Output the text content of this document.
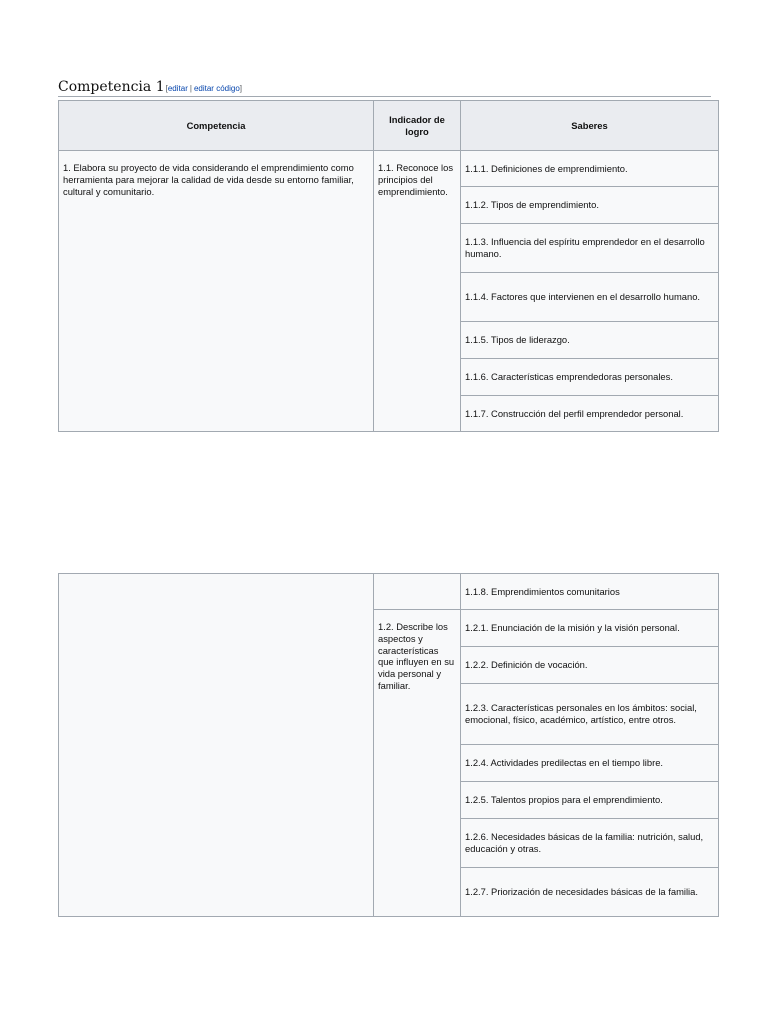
Competencia 1[editar | editar código]
Competencia	Indicador de logro	Saberes
1. Elabora su proyecto de vida considerando el emprendimiento como herramienta para mejorar la calidad de vida desde su entorno familiar, cultural y comunitario.	1.1. Reconoce los principios del emprendimiento.	1.1.1. Definiciones de emprendimiento.
		1.1.2. Tipos de emprendimiento.
		1.1.3. Influencia del espíritu emprendedor en el desarrollo humano.
		1.1.4. Factores que intervienen en el desarrollo humano.
		1.1.5. Tipos de liderazgo.
		1.1.6. Características emprendedoras personales.
		1.1.7. Construcción del perfil emprendedor personal.
		1.1.8. Emprendimientos comunitarios
	1.2. Describe los aspectos y características que influyen en su vida personal y familiar.	1.2.1. Enunciación de la misión y la visión personal.
		1.2.2. Definición de vocación.
		1.2.3. Características personales en los ámbitos: social, emocional, físico, académico, artístico, entre otros.
		1.2.4. Actividades predilectas en el tiempo libre.
		1.2.5. Talentos propios para el emprendimiento.
		1.2.6. Necesidades básicas de la familia: nutrición, salud, educación y otras.
		1.2.7. Priorización de necesidades básicas de la familia.
